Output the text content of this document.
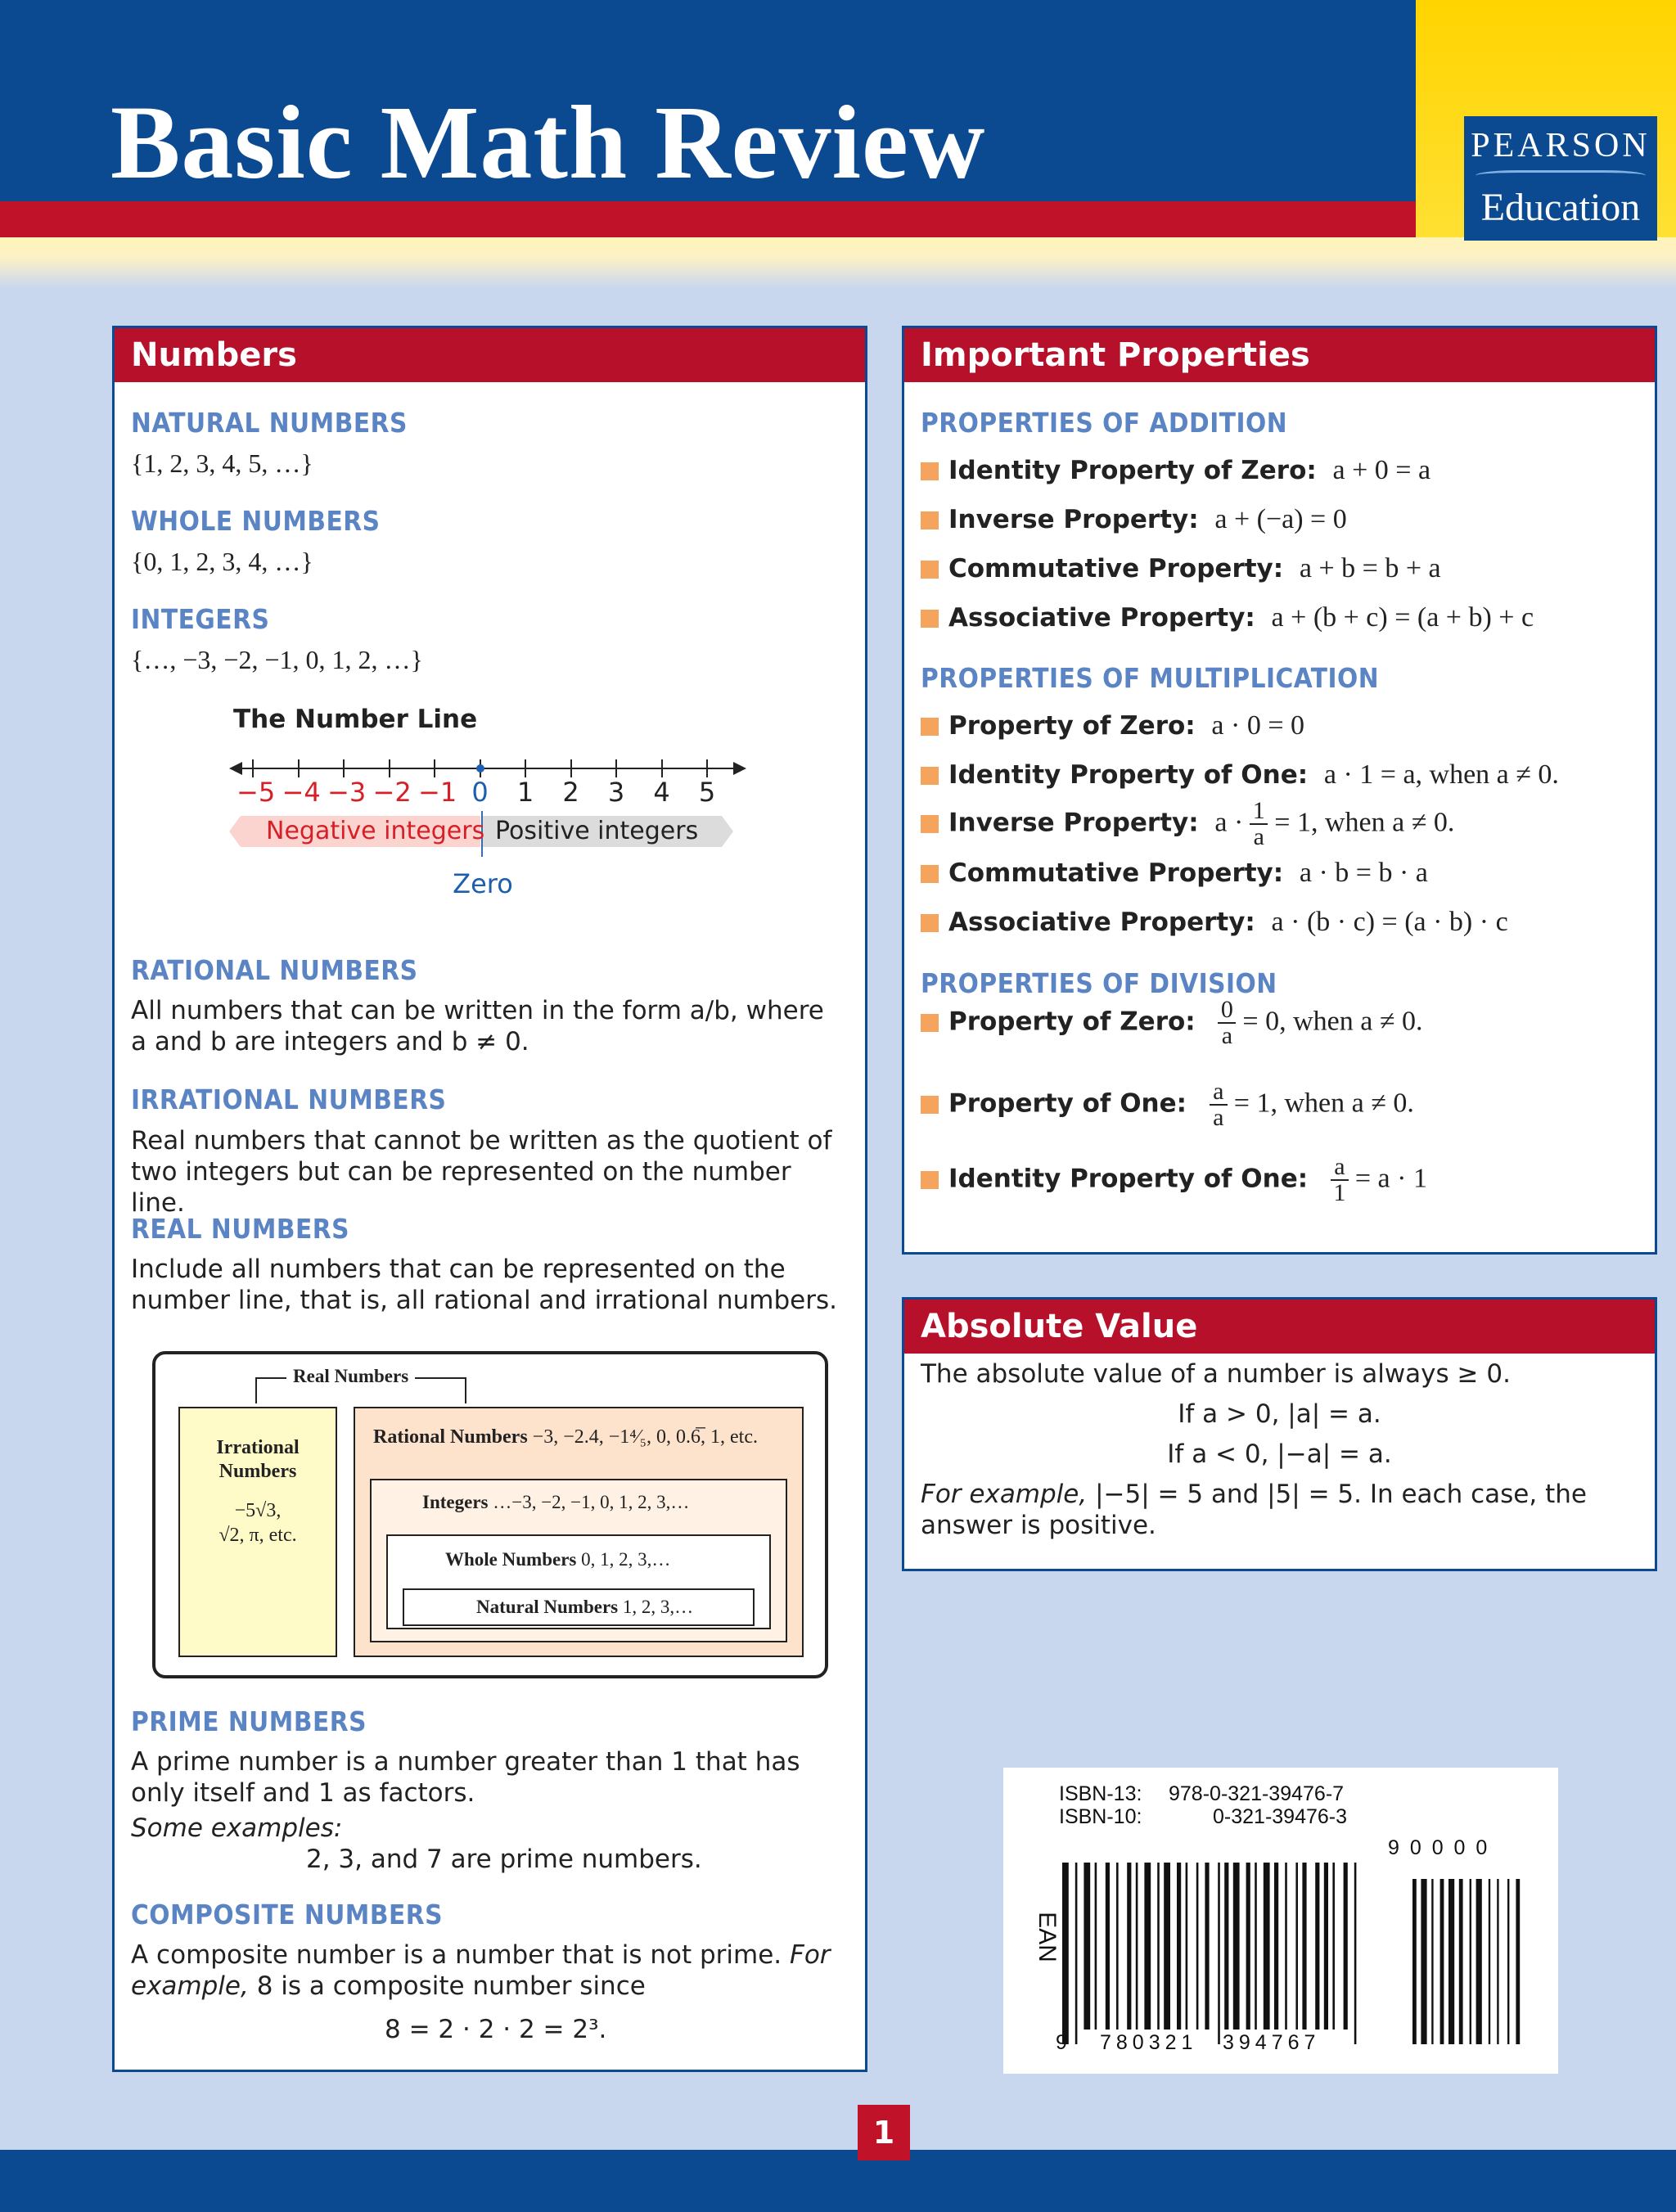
Basic Math Review	PEARSON
Education
Numbers
NATURAL NUMBERS
{1, 2, 3, 4, 5, …}
WHOLE NUMBERS
{0, 1, 2, 3, 4, …}
INTEGERS
{…, −3, −2, −1, 0, 1, 2, …}
The Number Line
Negative integers Positive integers
Zero
−5 −4 −3 −2 −1 0	1	2	3	4	5
RATIONAL NUMBERS
All numbers that can be written in the form a/b, where a and b are integers and b ≠ 0.
IRRATIONAL NUMBERS
Real numbers that cannot be written as the quotient of two integers but can be represented on the number line.
REAL NUMBERS
Include all numbers that can be represented on the number line, that is, all rational and irrational numbers.
Real Numbers
Irrational Numbers
−5√3,
√2, π, etc.
Rational Numbers −3, −2.4, −1⁴⁄₅, 0, 0.6̅, 1, etc.
Integers …−3, −2, −1, 0, 1, 2, 3,…
Whole Numbers 0, 1, 2, 3,…
Natural Numbers 1, 2, 3,…
PRIME NUMBERS
A prime number is a number greater than 1 that has only itself and 1 as factors.
Some examples:
2, 3, and 7 are prime numbers.
COMPOSITE NUMBERS
A composite number is a number that is not prime. For example, 8 is a composite number since
8 = 2 · 2 · 2 = 2³.
Important Properties
PROPERTIES OF ADDITION
PROPERTIES OF MULTIPLICATION
PROPERTIES OF DIVISION
Identity Property of Zero: a + 0 = a
Inverse Property: a + (−a) = 0
Commutative Property: a + b = b + a
Associative Property: a + (b + c) = (a + b) + c
Property of Zero: a · 0 = 0
Identity Property of One: a · 1 = a, when a ≠ 0.
Inverse Property: $a \cdot \frac{1}{a} = 1$, when a ≠ 0.
Commutative Property: a · b = b · a
Associative Property: a · (b · c) = (a · b) · c
Property of Zero: $\frac{0}{a} = 0$, when a ≠ 0.
Property of One: $\frac{a}{a} = 1$, when a ≠ 0.
Identity Property of One: $\frac{a}{1} = a \cdot 1$
Absolute Value
The absolute value of a number is always ≥ 0.
If a > 0, |a| = a.
If a < 0, |−a| = a.
For example, |−5| = 5 and |5| = 5. In each case, the answer is positive.
ISBN-13: 978-0-321-39476-7
ISBN-10:	0-321-39476-3
9 0 0 0 0
EAN
9 780321 394767
1
